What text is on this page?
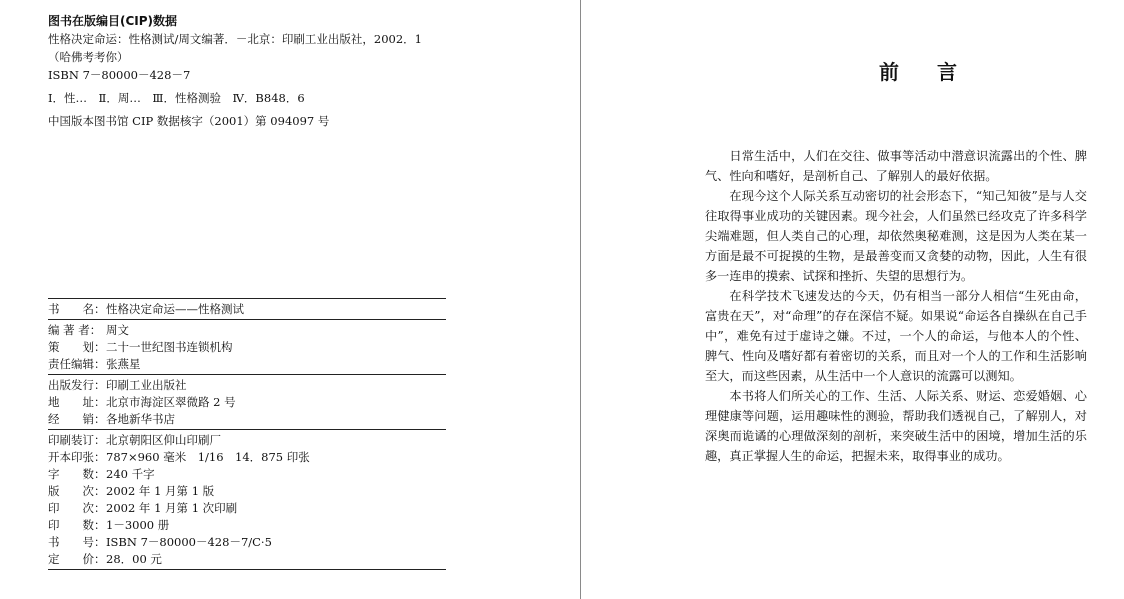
图书在版编目(CIP)数据
性格决定命运：性格测试/周文编著．－北京：印刷工业出版社，2002．1
（哈佛考考你）
ISBN 7－80000－428－7
Ⅰ．性…　Ⅱ．周…　Ⅲ．性格测验　Ⅳ．B848．6
中国版本图书馆 CIP 数据核字（2001）第 094097 号
书　　名： 性格决定命运——性格测试
编 著 者： 周文
策　　划： 二十一世纪图书连锁机构
责任编辑： 张燕星
出版发行： 印刷工业出版社
地　　址： 北京市海淀区翠微路 2 号
经　　销： 各地新华书店
印刷装订： 北京朝阳区仰山印刷厂
开本印张： 787×960 毫米　1/16　14．875 印张
字　　数： 240 千字
版　　次： 2002 年 1 月第 1 版
印　　次： 2002 年 1 月第 1 次印刷
印　　数： 1－3000 册
书　　号： ISBN 7－80000－428－7/C·5
定　　价： 28．00 元
前言

日常生活中，人们在交往、做事等活动中潜意识流露出的个性、脾气、性向和嗜好，是剖析自己、了解别人的最好依据。

在现今这个人际关系互动密切的社会形态下，“知己知彼”是与人交往取得事业成功的关键因素。现今社会，人们虽然已经攻克了许多科学尖端难题，但人类自己的心理，却依然奥秘难测，这是因为人类在某一方面是最不可捉摸的生物，是最善变而又贪婪的动物，因此，人生有很多一连串的摸索、试探和挫折、失望的思想行为。

在科学技术飞速发达的今天，仍有相当一部分人相信“生死由命，富贵在天”，对“命理”的存在深信不疑。如果说“命运各自操纵在自己手中”，难免有过于虚诗之嫌。不过，一个人的命运，与他本人的个性、脾气、性向及嗜好都有着密切的关系，而且对一个人的工作和生活影响至大，而这些因素，从生活中一个人意识的流露可以测知。

本书将人们所关心的工作、生活、人际关系、财运、恋爱婚姻、心理健康等问题，运用趣味性的测验，帮助我们透视自己，了解别人，对深奥而诡谲的心理做深刻的剖析，来突破生活中的困境，增加生活的乐趣，真正掌握人生的命运，把握未来，取得事业的成功。
